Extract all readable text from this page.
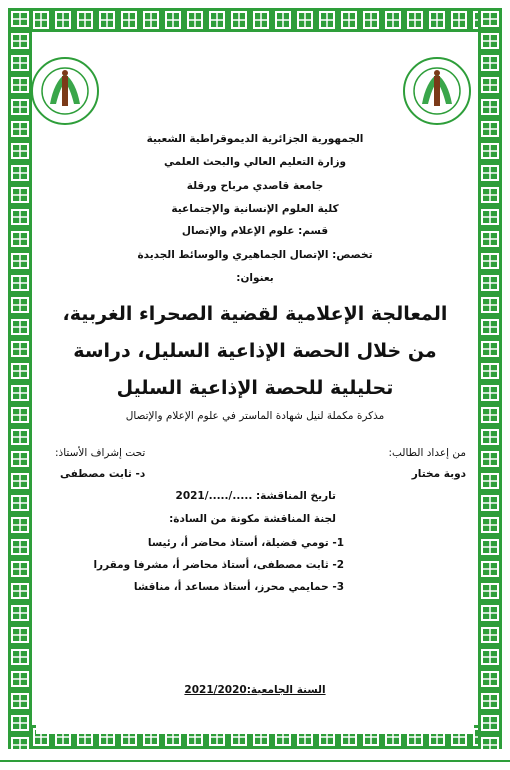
الجمهورية الجزائرية الديموقراطية الشعبية
وزارة التعليم العالي والبحث العلمي
جامعة قاصدي مرباح ورقلة
كلية العلوم الإنسانية والإجتماعية
قسم: علوم الإعلام والإتصال
تخصص: الإتصال الجماهيري والوسائط الجديدة
بعنوان:
المعالجة الإعلامية لقضية الصحراء الغربية، من خلال الحصة الإذاعية السليل، دراسة تحليلية للحصة الإذاعية السليل
مذكرة مكملة لنيل شهادة الماستر في علوم الإعلام والإتصال
من إعداد الطالب:
دوبة مختار
تحت إشراف الأستاذ:
د- ثابت مصطفى
تاريخ المناقشة: ...../...../2021
لجنة المناقشة مكونة من السادة:
1- تومي فضيلة، أستاذ محاضر أ، رئيسا
2- ثابت مصطفى، أستاذ محاضر أ، مشرفا ومقررا
3- حمايمي محرز، أستاذ مساعد أ، مناقشا
السنة الجامعية:2021/2020
